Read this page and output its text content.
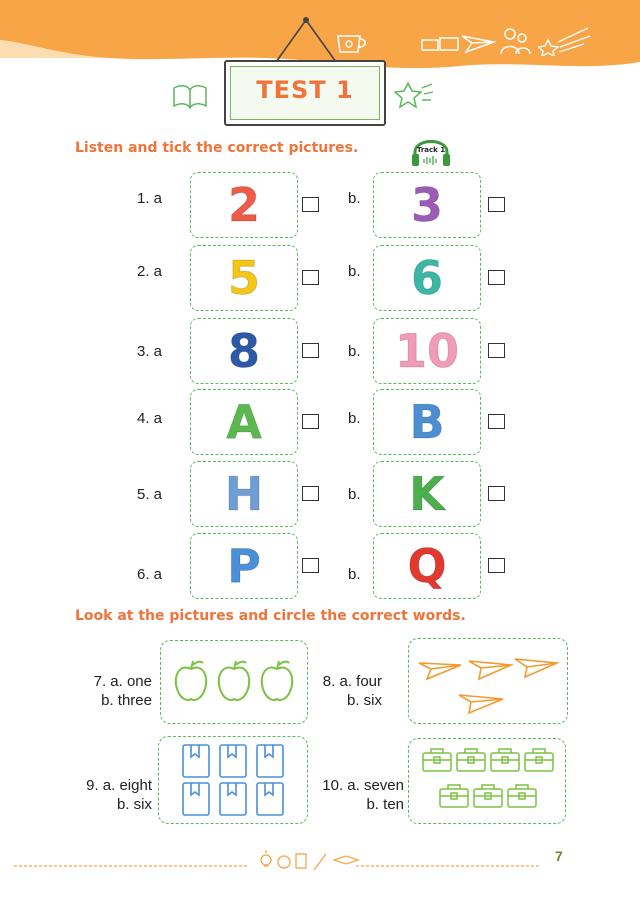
TEST 1
Listen and tick the correct pictures.	Track 1
1. a	2	b.	3
2. a	5	b.	6
3. a	8	b. 10
4. a	A	b.	B
5. a	H	b.	K
6. a	P	b.	Q
Look at the pictures and circle the correct words.
7. a. one
b. three
8. a. four
b. six
9. a. eight
b. six
10. a. seven
b. ten
7
